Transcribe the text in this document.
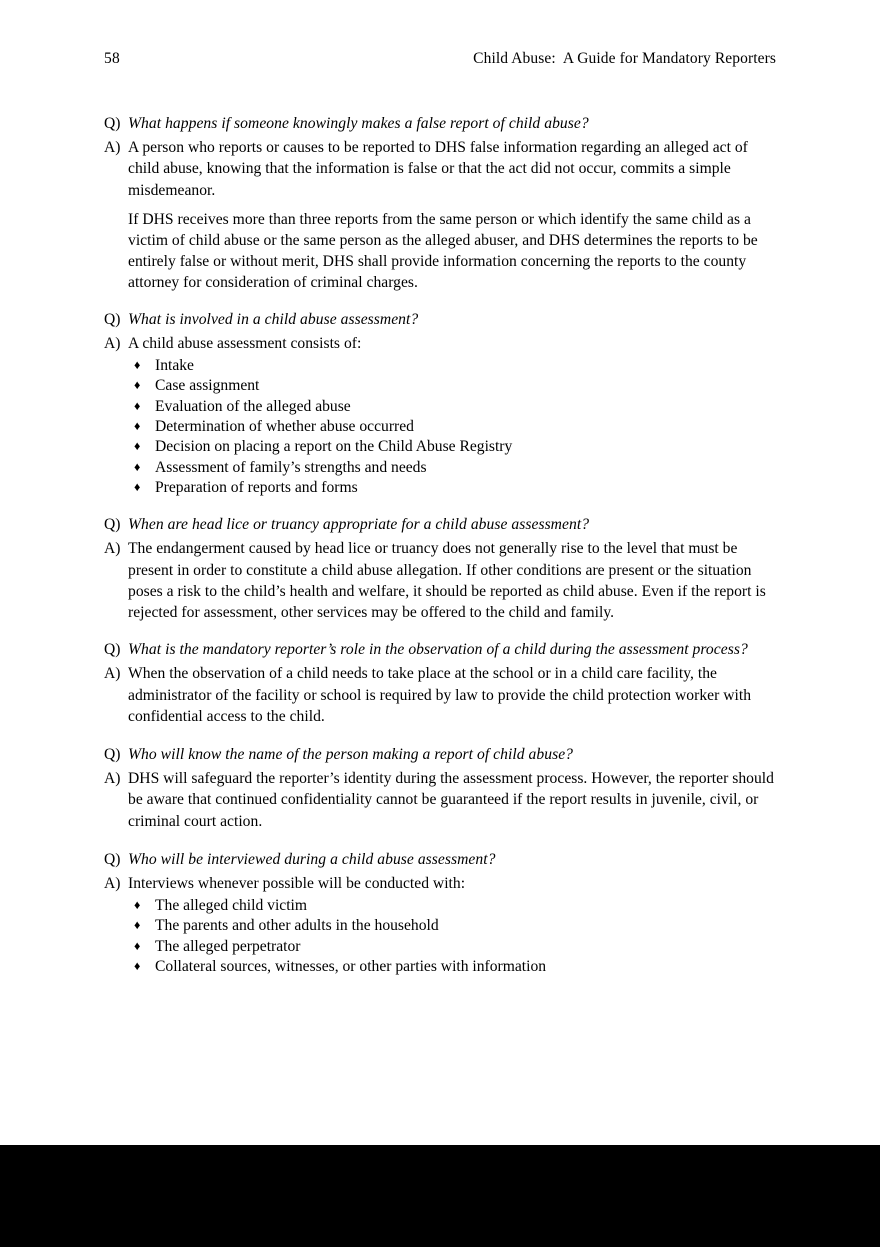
58	Child Abuse:  A Guide for Mandatory Reporters
Q) What happens if someone knowingly makes a false report of child abuse?
A) A person who reports or causes to be reported to DHS false information regarding an alleged act of child abuse, knowing that the information is false or that the act did not occur, commits a simple misdemeanor.
If DHS receives more than three reports from the same person or which identify the same child as a victim of child abuse or the same person as the alleged abuser, and DHS determines the reports to be entirely false or without merit, DHS shall provide information concerning the reports to the county attorney for consideration of criminal charges.
Q) What is involved in a child abuse assessment?
A) A child abuse assessment consists of:
♦ Intake
♦ Case assignment
♦ Evaluation of the alleged abuse
♦ Determination of whether abuse occurred
♦ Decision on placing a report on the Child Abuse Registry
♦ Assessment of family’s strengths and needs
♦ Preparation of reports and forms
Q) When are head lice or truancy appropriate for a child abuse assessment?
A) The endangerment caused by head lice or truancy does not generally rise to the level that must be present in order to constitute a child abuse allegation. If other conditions are present or the situation poses a risk to the child’s health and welfare, it should be reported as child abuse. Even if the report is rejected for assessment, other services may be offered to the child and family.
Q) What is the mandatory reporter’s role in the observation of a child during the assessment process?
A) When the observation of a child needs to take place at the school or in a child care facility, the administrator of the facility or school is required by law to provide the child protection worker with confidential access to the child.
Q) Who will know the name of the person making a report of child abuse?
A) DHS will safeguard the reporter’s identity during the assessment process. However, the reporter should be aware that continued confidentiality cannot be guaranteed if the report results in juvenile, civil, or criminal court action.
Q) Who will be interviewed during a child abuse assessment?
A) Interviews whenever possible will be conducted with:
♦ The alleged child victim
♦ The parents and other adults in the household
♦ The alleged perpetrator
♦ Collateral sources, witnesses, or other parties with information
